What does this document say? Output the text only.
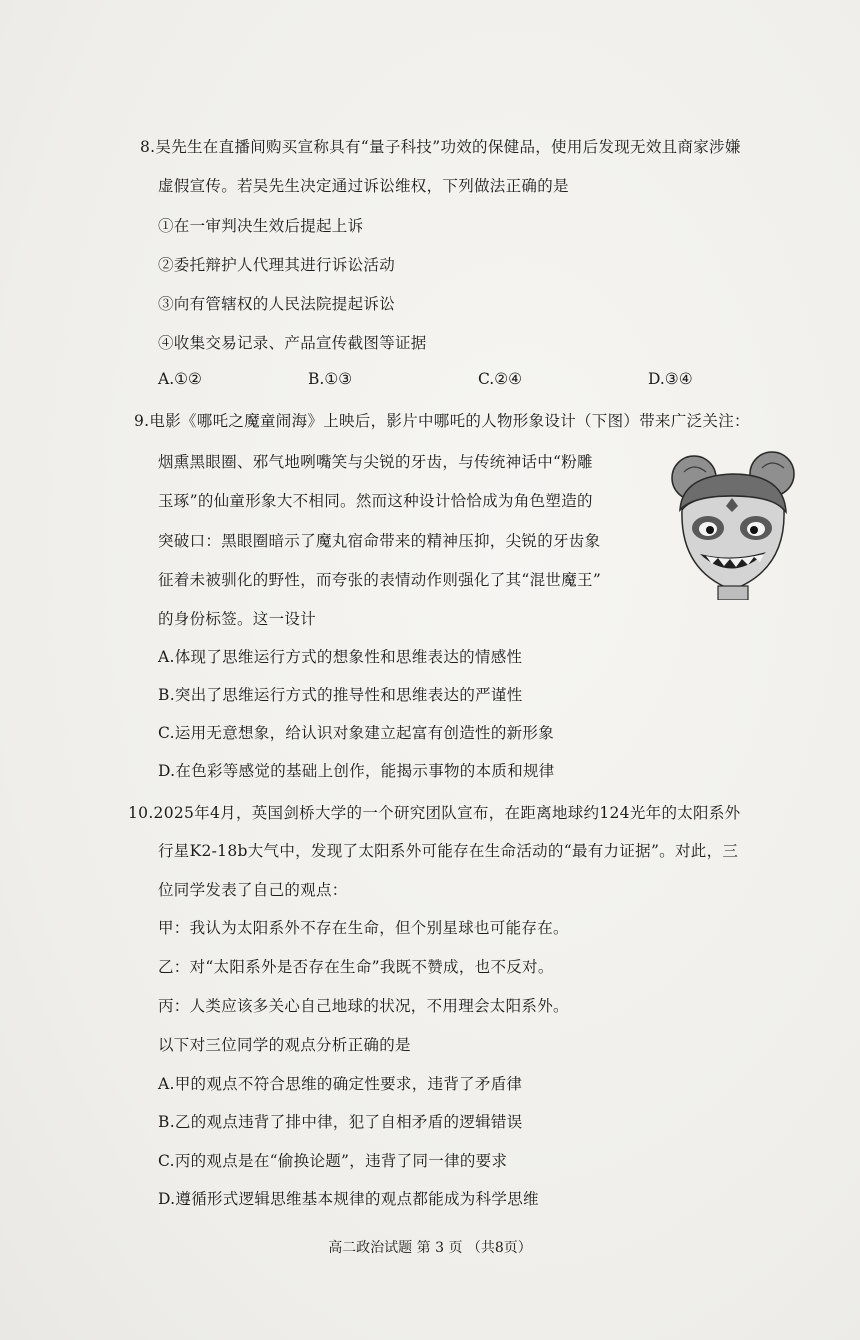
8.吴先生在直播间购买宣称具有“量子科技”功效的保健品，使用后发现无效且商家涉嫌
虚假宣传。若吴先生决定通过诉讼维权，下列做法正确的是
①在一审判决生效后提起上诉
②委托辩护人代理其进行诉讼活动
③向有管辖权的人民法院提起诉讼
④收集交易记录、产品宣传截图等证据
A.①②	B.①③	C.②④	D.③④
9.电影《哪吒之魔童闹海》上映后，影片中哪吒的人物形象设计（下图）带来广泛关注：
烟熏黑眼圈、邪气地咧嘴笑与尖锐的牙齿，与传统神话中“粉雕
玉琢”的仙童形象大不相同。然而这种设计恰恰成为角色塑造的
突破口：黑眼圈暗示了魔丸宿命带来的精神压抑，尖锐的牙齿象
征着未被驯化的野性，而夸张的表情动作则强化了其“混世魔王”
的身份标签。这一设计
A.体现了思维运行方式的想象性和思维表达的情感性
B.突出了思维运行方式的推导性和思维表达的严谨性
C.运用无意想象，给认识对象建立起富有创造性的新形象
D.在色彩等感觉的基础上创作，能揭示事物的本质和规律
10.2025年4月，英国剑桥大学的一个研究团队宣布，在距离地球约124光年的太阳系外
行星K2-18b大气中，发现了太阳系外可能存在生命活动的“最有力证据”。对此，三
位同学发表了自己的观点：
甲：我认为太阳系外不存在生命，但个别星球也可能存在。
乙：对“太阳系外是否存在生命”我既不赞成，也不反对。
丙：人类应该多关心自己地球的状况，不用理会太阳系外。
以下对三位同学的观点分析正确的是
A.甲的观点不符合思维的确定性要求，违背了矛盾律
B.乙的观点违背了排中律，犯了自相矛盾的逻辑错误
C.丙的观点是在“偷换论题”，违背了同一律的要求
D.遵循形式逻辑思维基本规律的观点都能成为科学思维
高二政治试题 第 3 页 （共8页）
